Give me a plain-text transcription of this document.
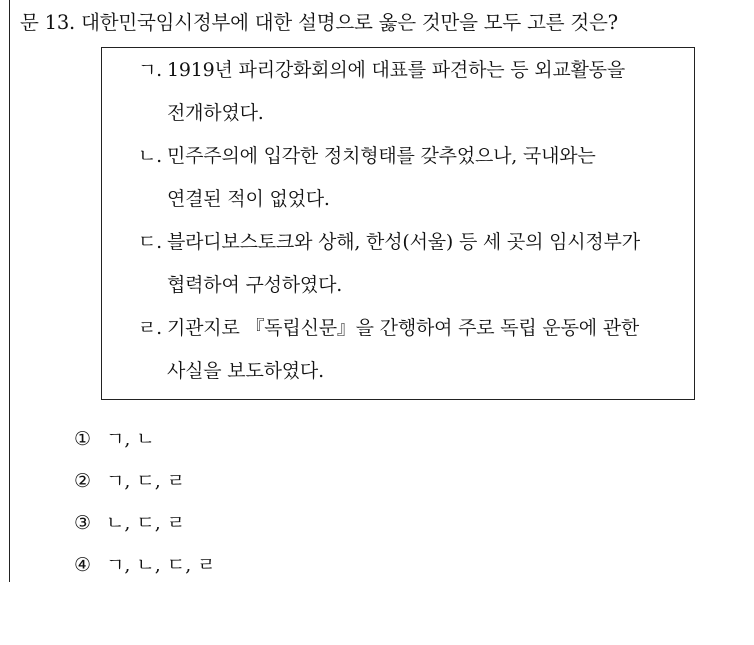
문 13. 대한민국임시정부에 대한 설명으로 옳은 것만을 모두 고른 것은?
ㄱ. 1919년 파리강화회의에 대표를 파견하는 등 외교활동을
전개하였다.
ㄴ. 민주주의에 입각한 정치형태를 갖추었으나, 국내와는
연결된 적이 없었다.
ㄷ. 블라디보스토크와 상해, 한성(서울) 등 세 곳의 임시정부가
협력하여 구성하였다.
ㄹ. 기관지로 『독립신문』을 간행하여 주로 독립 운동에 관한
사실을 보도하였다.
① ㄱ, ㄴ
② ㄱ, ㄷ, ㄹ
③ ㄴ, ㄷ, ㄹ
④ ㄱ, ㄴ, ㄷ, ㄹ
